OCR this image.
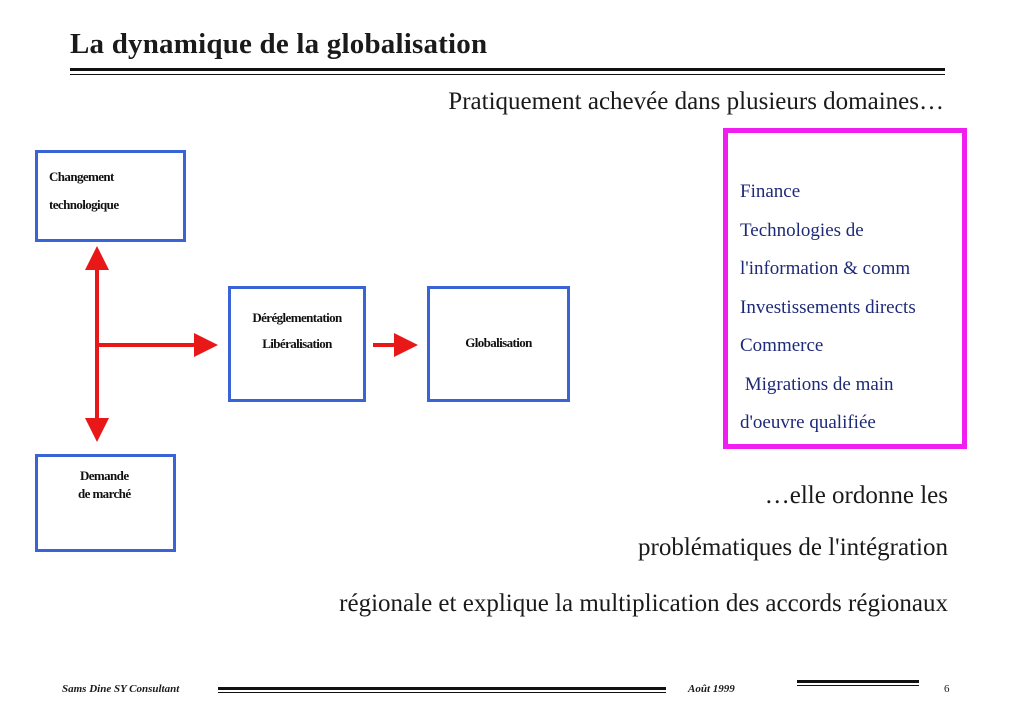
La dynamique de la globalisation
Pratiquement achevée dans plusieurs domaines…
Changement
technologique
Demande
de marché
Déréglementation
Libéralisation	Globalisation
Finance
Technologies de
l'information & comm
Investissements directs
Commerce
Migrations de main
d'oeuvre qualifiée
…elle ordonne les
problématiques de l'intégration
régionale et explique la multiplication des accords régionaux
Sams Dine SY Consultant	Août 1999	6
